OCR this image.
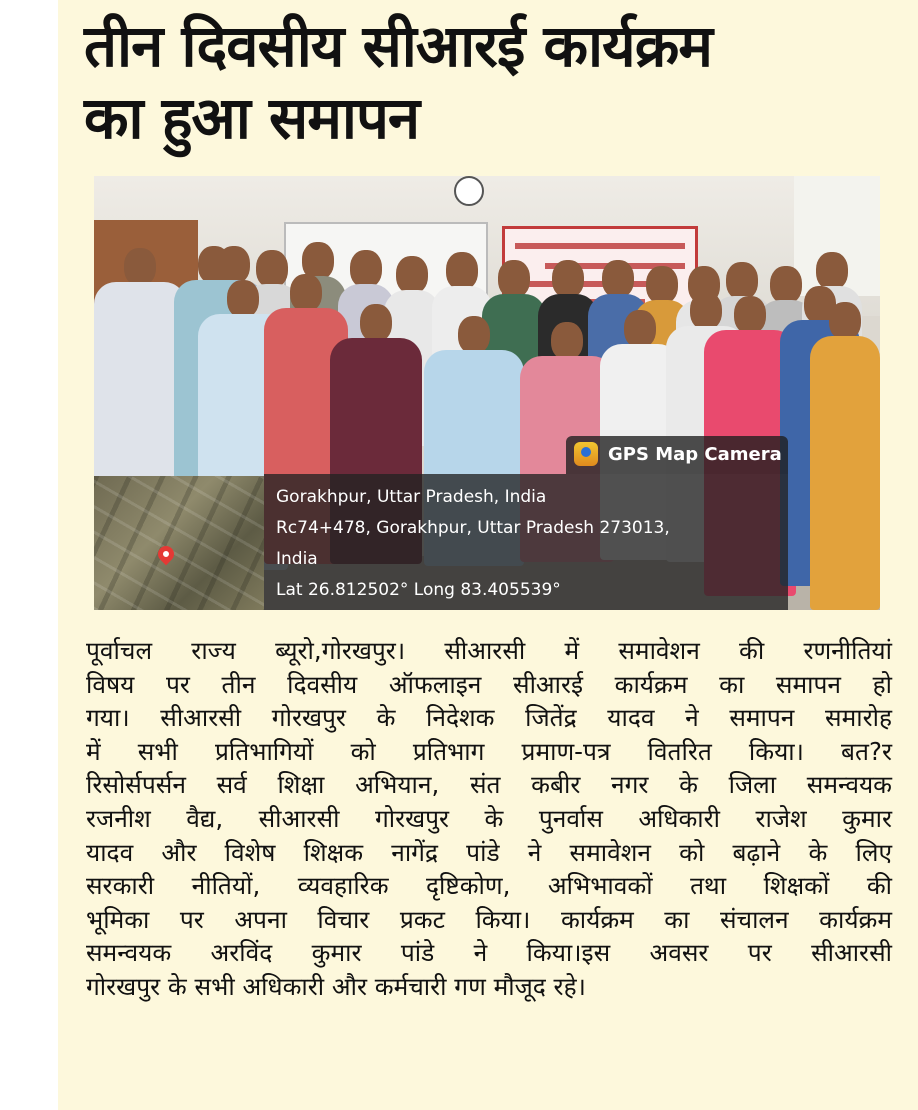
तीन दिवसीय सीआरई कार्यक्रम
का हुआ समापन
GPS Map Camera
Gorakhpur, Uttar Pradesh, India
Rc74+478, Gorakhpur, Uttar Pradesh 273013,
India
Lat 26.812502° Long 83.405539°
पूर्वाचल राज्य ब्यूरो,गोरखपुर। सीआरसी में समावेशन की रणनीतियां
विषय पर तीन दिवसीय ऑफलाइन सीआरई कार्यक्रम का समापन हो
गया। सीआरसी गोरखपुर के निदेशक जितेंद्र यादव ने समापन समारोह
में सभी प्रतिभागियों को प्रतिभाग प्रमाण-पत्र वितरित किया। बत?र
रिसोर्सपर्सन सर्व शिक्षा अभियान, संत कबीर नगर के जिला समन्वयक
रजनीश वैद्य, सीआरसी गोरखपुर के पुनर्वास अधिकारी राजेश कुमार
यादव और विशेष शिक्षक नागेंद्र पांडे ने समावेशन को बढ़ाने के लिए
सरकारी नीतियों, व्यवहारिक दृष्टिकोण, अभिभावकों तथा शिक्षकों की
भूमिका पर अपना विचार प्रकट किया। कार्यक्रम का संचालन कार्यक्रम
समन्वयक अरविंद कुमार पांडे ने किया।इस अवसर पर सीआरसी
गोरखपुर के सभी अधिकारी और कर्मचारी गण मौजूद रहे।
